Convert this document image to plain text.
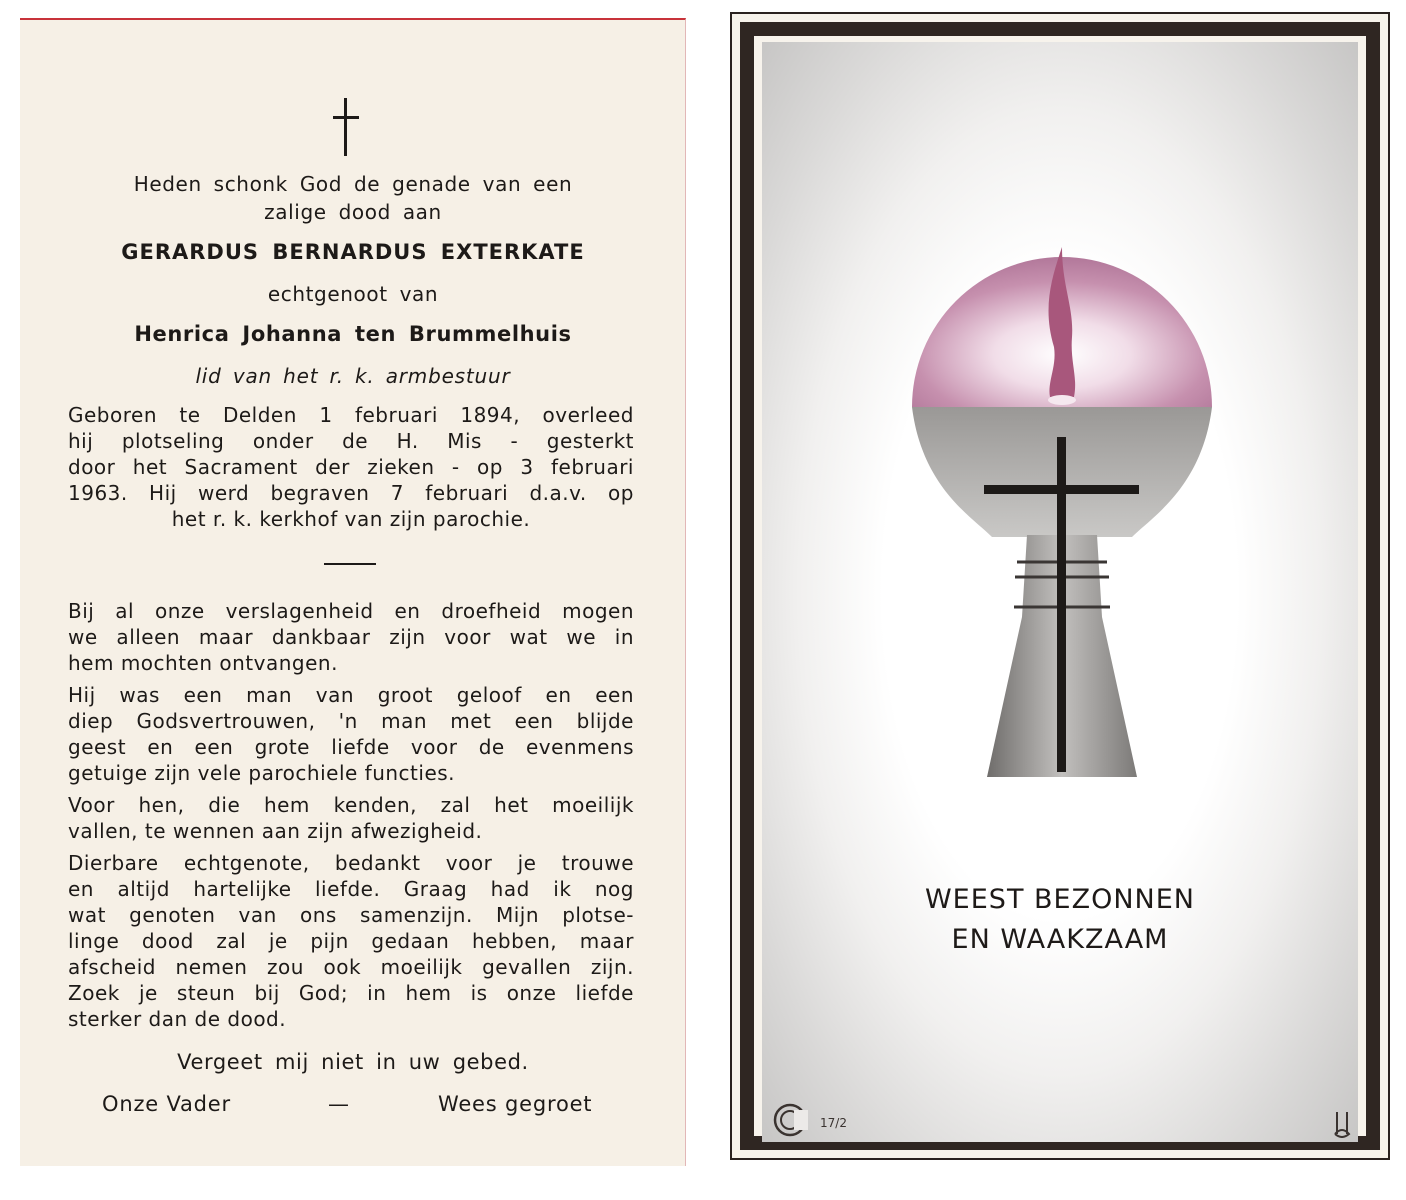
Heden schonk God de genade van een
zalige dood aan
GERARDUS BERNARDUS EXTERKATE
echtgenoot van
Henrica Johanna ten Brummelhuis
lid van het r. k. armbestuur

Geboren te Delden 1 februari 1894, overleed

hij plotseling onder de H. Mis - gesterkt

door het Sacrament der zieken - op 3 februari

1963. Hij werd begraven 7 februari d.a.v. op

het r. k. kerkhof van zijn parochie.

Bij al onze verslagenheid en droefheid mogen

we alleen maar dankbaar zijn voor wat we in

hem mochten ontvangen.

Hij was een man van groot geloof en een

diep Godsvertrouwen, 'n man met een blijde

geest en een grote liefde voor de evenmens

getuige zijn vele parochiele functies.

Voor hen, die hem kenden, zal het moeilijk

vallen, te wennen aan zijn afwezigheid.

Dierbare echtgenote, bedankt voor je trouwe

en altijd hartelijke liefde. Graag had ik nog

wat genoten van ons samenzijn. Mijn plotse-

linge dood zal je pijn gedaan hebben, maar

afscheid nemen zou ook moeilijk gevallen zijn.

Zoek je steun bij God; in hem is onze liefde

sterker dan de dood.

Vergeet mij niet in uw gebed.
Onze Vader	—	Wees gegroet
WEEST BEZONNEN
EN WAAKZAAM
17/2
